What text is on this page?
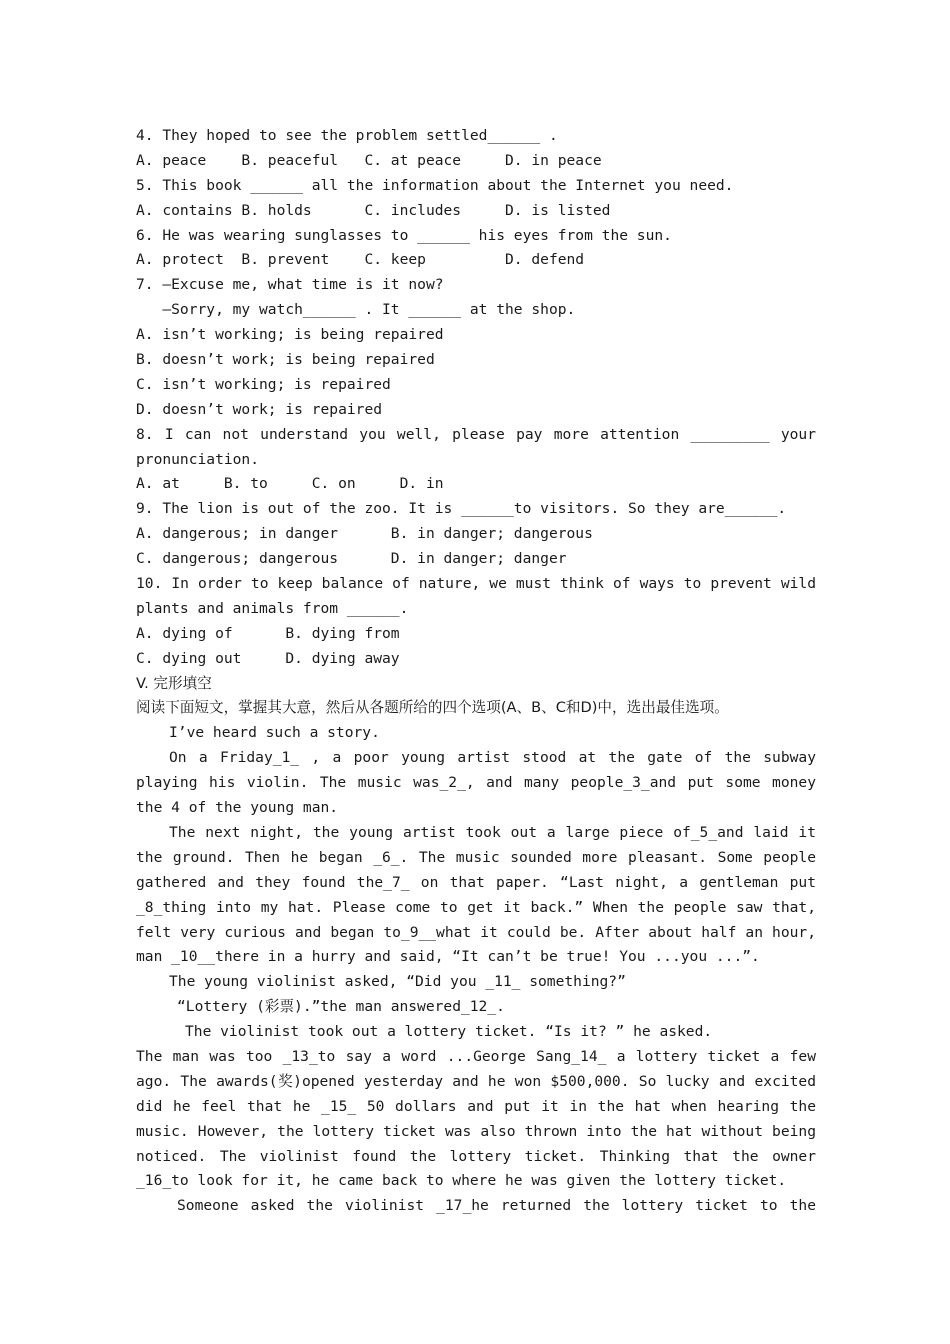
4. They hoped to see the problem settled______ .
A. peace    B. peaceful   C. at peace     D. in peace
5. This book ______ all the information about the Internet you need.
A. contains B. holds      C. includes     D. is listed
6. He was wearing sunglasses to ______ his eyes from the sun.
A. protect  B. prevent    C. keep         D. defend
7. —Excuse me, what time is it now?
—Sorry, my watch______ . It ______ at the shop.
A. isn’t working; is being repaired
B. doesn’t work; is being repaired
C. isn’t working; is repaired
D. doesn’t work; is repaired
8. I can not understand you well, please pay more attention _________ your
pronunciation.
A. at     B. to     C. on     D. in
9. The lion is out of the zoo. It is ______to visitors. So they are______.
A. dangerous; in danger      B. in danger; dangerous
C. dangerous; dangerous      D. in danger; danger
10. In order to keep balance of nature, we must think of ways to prevent wild
plants and animals from ______.
A. dying of      B. dying from
C. dying out     D. dying away
V. 完形填空
阅读下面短文，掌握其大意，然后从各题所给的四个选项(A、B、C和D)中，选出最佳选项。
I’ve heard such a story.
On a Friday_1_ , a poor young artist stood at the gate of the subway
playing his violin. The music was_2_, and many people_3_and put some money
the 4 of the young man.
The next night, the young artist took out a large piece of_5_and laid it
the ground. Then he began _6_. The music sounded more pleasant. Some people
gathered and they found the_7_ on that paper. “Last night, a gentleman put
_8_thing into my hat. Please come to get it back.” When the people saw that,
felt very curious and began to_9__what it could be. After about half an hour,
man _10__there in a hurry and said, “It can’t be true! You ...you ...”.
The young violinist asked, “Did you _11_ something?”
“Lottery (彩票).”the man answered_12_.
The violinist took out a lottery ticket. “Is it? ” he asked.
The man was too _13_to say a word ...George Sang_14_ a lottery ticket a few
ago. The awards(奖)opened yesterday and he won $500,000. So lucky and excited
did he feel that he _15_ 50 dollars and put it in the hat when hearing the
music. However, the lottery ticket was also thrown into the hat without being
noticed. The violinist found the lottery ticket. Thinking that the owner
_16_to look for it, he came back to where he was given the lottery ticket.
Someone asked the violinist _17_he returned the lottery ticket to the
